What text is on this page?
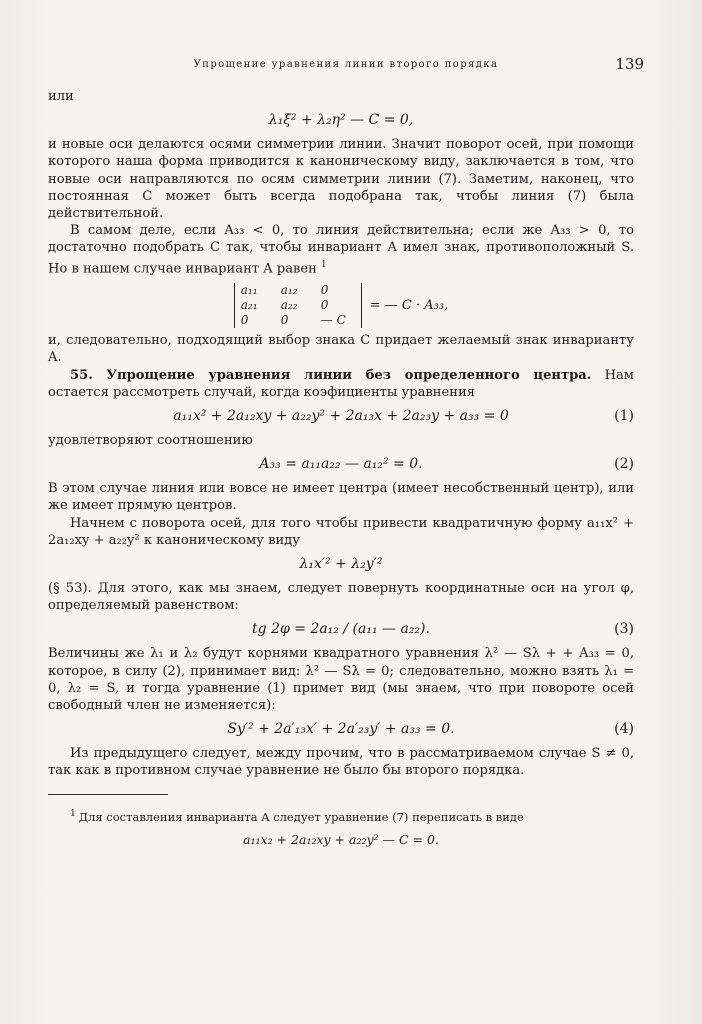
Упрощение уравнения линии второго порядка	139

или

λ₁ξ² + λ₂η² — C = 0,

и новые оси делаются осями симметрии линии. Значит поворот осей, при помощи которого наша форма приводится к каноническому виду, заключается в том, что новые оси направляются по осям симметрии линии (7). Заметим, наконец, что постоянная C может быть всегда подобрана так, чтобы линия (7) была действительной.

В самом деле, если A₃₃ < 0, то линия действительна; если же A₃₃ > 0, то достаточно подобрать C так, чтобы инвариант A имел знак, противоположный S. Но в нашем случае инвариант A равен $^1$

a₁₁	a₁₂	0
a₂₁	a₂₂	0
0	0	— C
= — C · A₃₃,

и, следовательно, подходящий выбор знака C придает желаемый знак инварианту A.

55. Упрощение уравнения линии без определенного центра. Нам остается рассмотреть случай, когда коэфициенты уравнения

a₁₁x² + 2a₁₂xy + a₂₂y² + 2a₁₃x + 2a₂₃y + a₃₃ = 0	(1)

удовлетворяют соотношению

A₃₃ = a₁₁a₂₂ — a₁₂² = 0.	(2)

В этом случае линия или вовсе не имеет центра (имеет несобственный центр), или же имеет прямую центров.

Начнем с поворота осей, для того чтобы привести квадратичную форму a₁₁x² + 2a₁₂xy + a₂₂y² к каноническому виду

λ₁x′² + λ₂y′²

(§ 53). Для этого, как мы знаем, следует повернуть координатные оси на угол φ, определяемый равенством:

tg 2φ = 2a₁₂ / (a₁₁ — a₂₂).	(3)

Величины же λ₁ и λ₂ будут корнями квадратного уравнения λ² — Sλ + + A₃₃ = 0, которое, в силу (2), принимает вид: λ² — Sλ = 0; следовательно, можно взять λ₁ = 0, λ₂ = S, и тогда уравнение (1) примет вид (мы знаем, что при повороте осей свободный член не изменяется):

Sy′² + 2a′₁₃x′ + 2a′₂₃y′ + a₃₃ = 0.	(4)

Из предыдущего следует, между прочим, что в рассматриваемом случае S ≠ 0, так как в противном случае уравнение не было бы второго порядка.

$^1$ Для составления инварианта A следует уравнение (7) переписать в виде

a₁₁x₂ + 2a₁₂xy + a₂₂y² — C = 0.
